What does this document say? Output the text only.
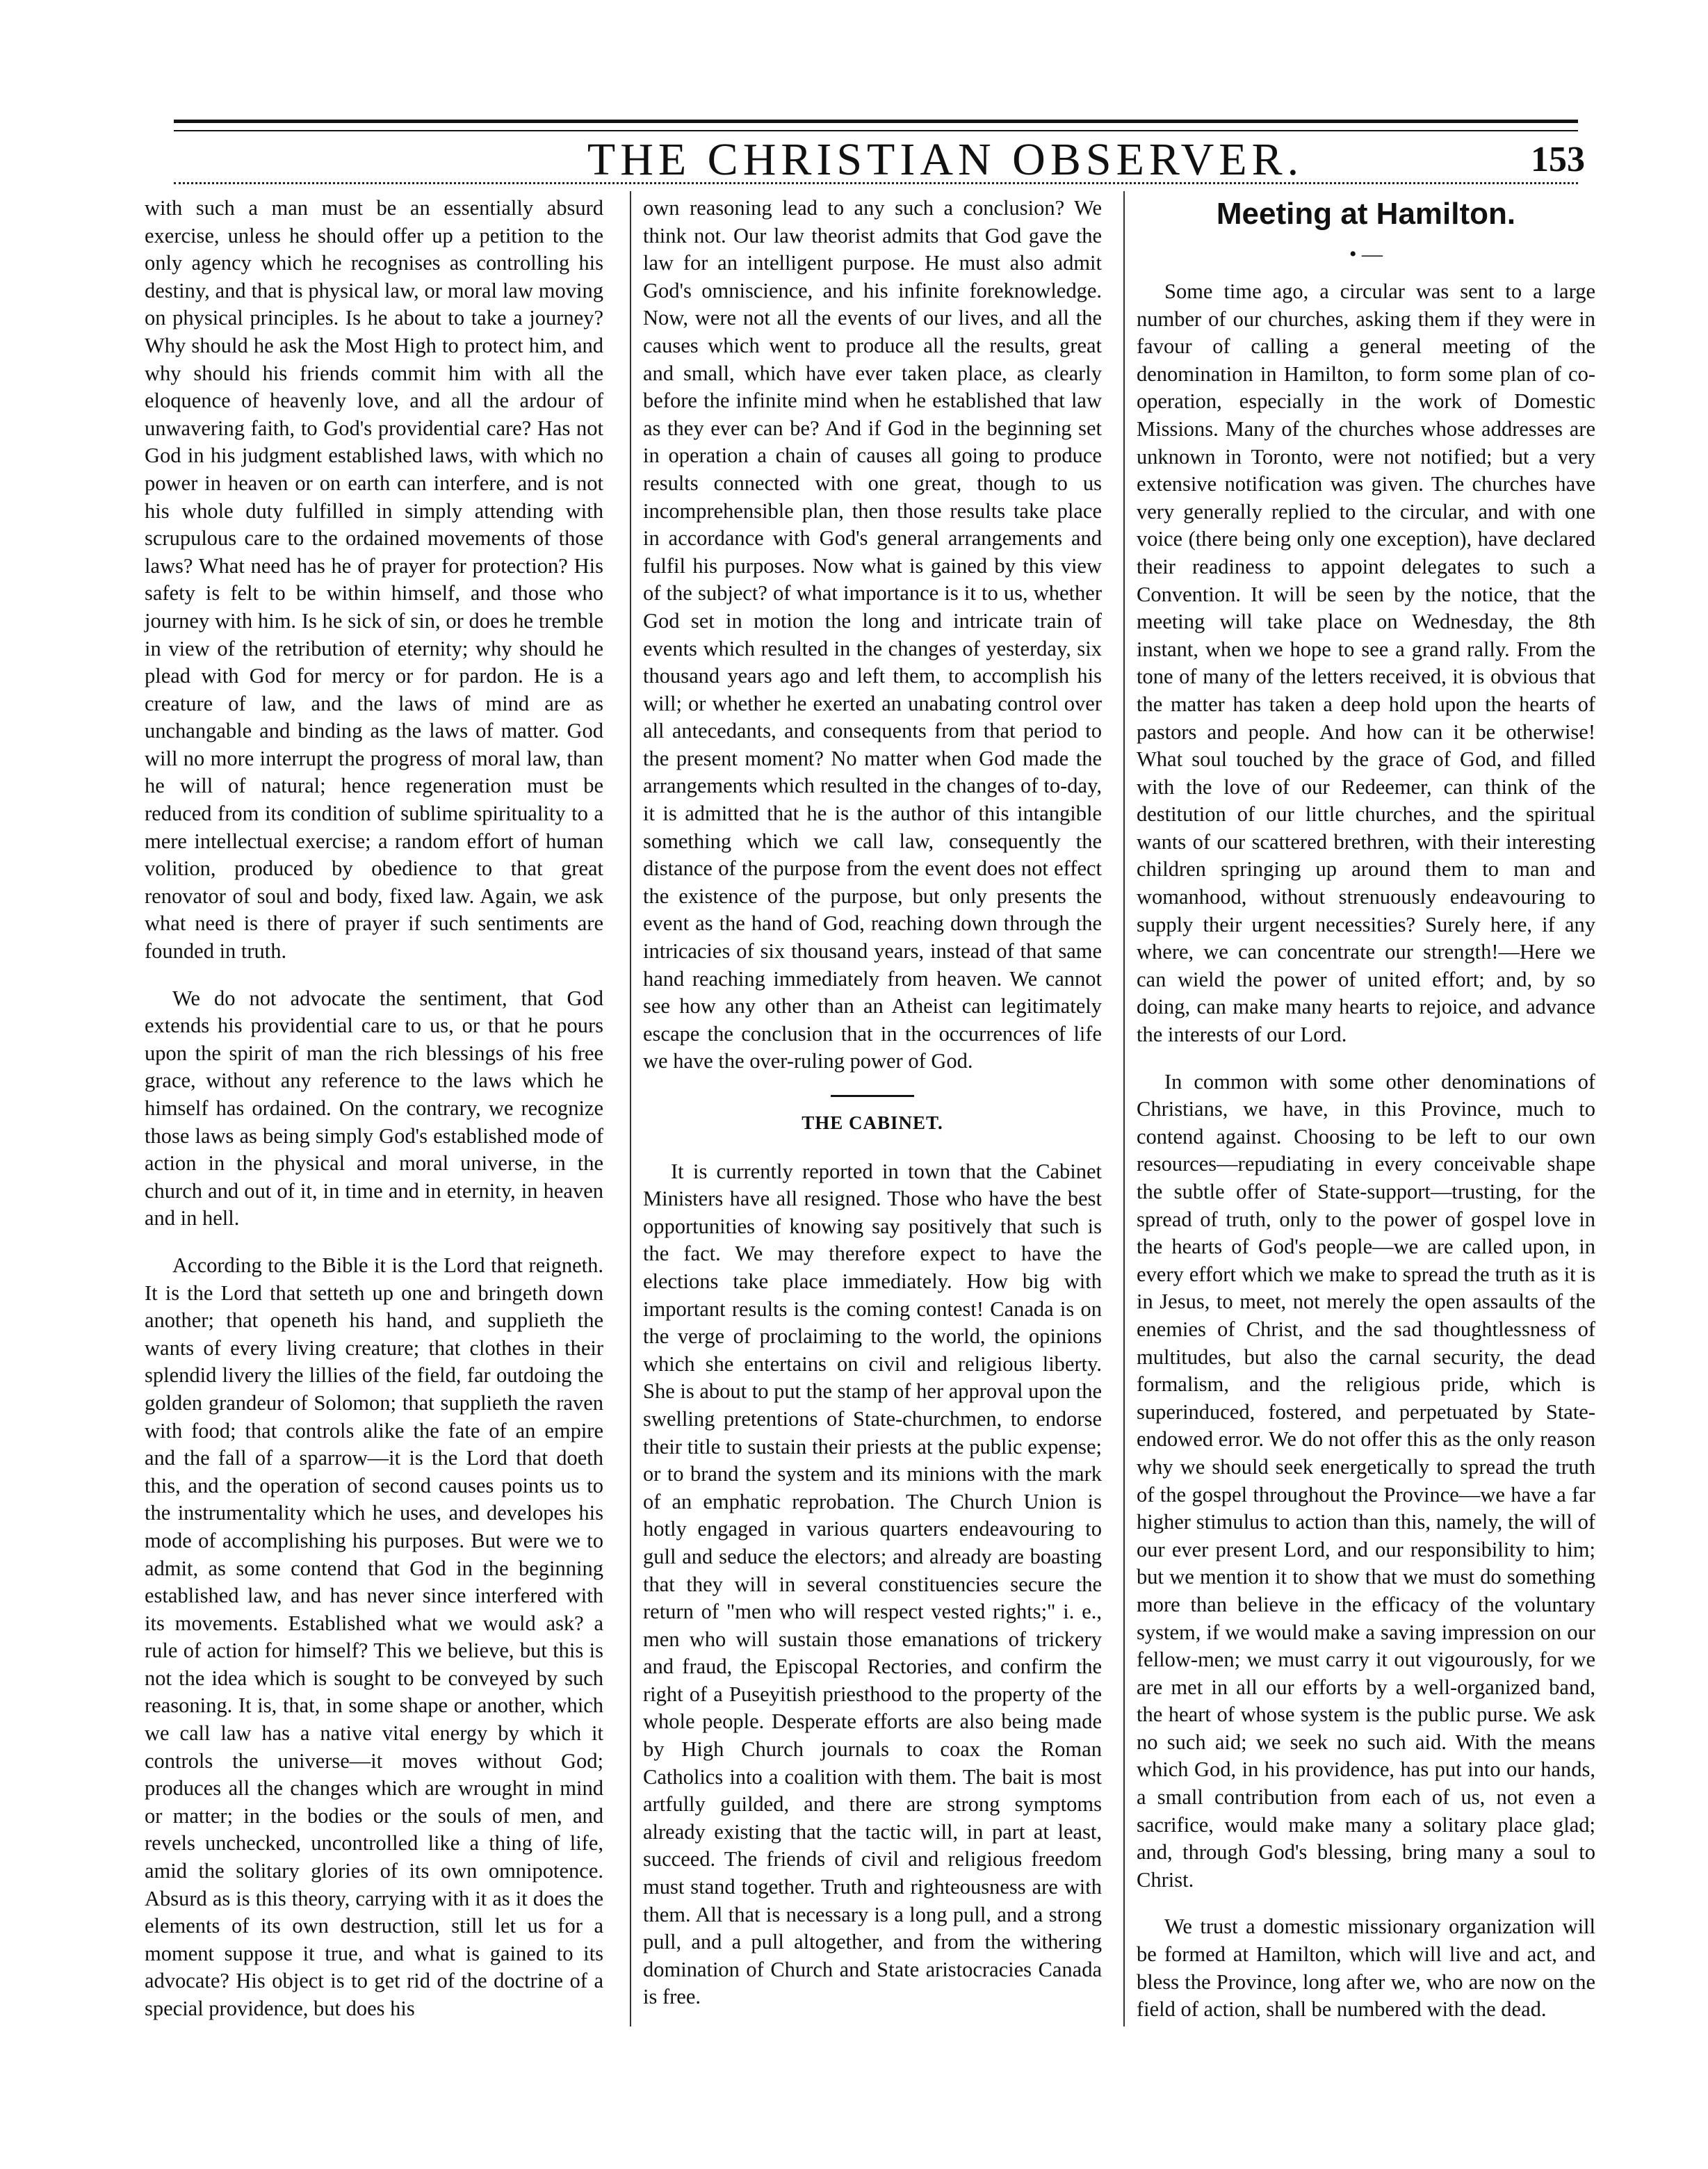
THE CHRISTIAN OBSERVER.	153

with such a man must be an essentially absurd exercise, unless he should offer up a petition to the only agency which he recognises as controlling his destiny, and that is physical law, or moral law moving on physical principles. Is he about to take a journey? Why should he ask the Most High to protect him, and why should his friends commit him with all the eloquence of heavenly love, and all the ardour of unwavering faith, to God's providential care? Has not God in his judgment established laws, with which no power in heaven or on earth can interfere, and is not his whole duty fulfilled in simply attending with scrupulous care to the ordained movements of those laws? What need has he of prayer for protection? His safety is felt to be within himself, and those who journey with him. Is he sick of sin, or does he tremble in view of the retribution of eternity; why should he plead with God for mercy or for pardon. He is a creature of law, and the laws of mind are as unchangable and binding as the laws of matter. God will no more interrupt the progress of moral law, than he will of natural; hence regeneration must be reduced from its condition of sublime spirituality to a mere intellectual exercise; a random effort of human volition, produced by obedience to that great renovator of soul and body, fixed law. Again, we ask what need is there of prayer if such sentiments are founded in truth.

We do not advocate the sentiment, that God extends his providential care to us, or that he pours upon the spirit of man the rich blessings of his free grace, without any reference to the laws which he himself has ordained. On the contrary, we recognize those laws as being simply God's established mode of action in the physical and moral universe, in the church and out of it, in time and in eternity, in heaven and in hell.

According to the Bible it is the Lord that reigneth. It is the Lord that setteth up one and bringeth down another; that openeth his hand, and supplieth the wants of every living creature; that clothes in their splendid livery the lillies of the field, far outdoing the golden grandeur of Solomon; that supplieth the raven with food; that controls alike the fate of an empire and the fall of a sparrow—it is the Lord that doeth this, and the operation of second causes points us to the instrumentality which he uses, and developes his mode of accomplishing his purposes. But were we to admit, as some contend that God in the beginning established law, and has never since interfered with its movements. Established what we would ask? a rule of action for himself? This we believe, but this is not the idea which is sought to be conveyed by such reasoning. It is, that, in some shape or another, which we call law has a native vital energy by which it controls the universe—it moves without God; produces all the changes which are wrought in mind or matter; in the bodies or the souls of men, and revels unchecked, uncontrolled like a thing of life, amid the solitary glories of its own omnipotence. Absurd as is this theory, carrying with it as it does the elements of its own destruction, still let us for a moment suppose it true, and what is gained to its advocate? His object is to get rid of the doctrine of a special providence, but does his

own reasoning lead to any such a conclusion? We think not. Our law theorist admits that God gave the law for an intelligent purpose. He must also admit God's omniscience, and his infinite foreknowledge. Now, were not all the events of our lives, and all the causes which went to produce all the results, great and small, which have ever taken place, as clearly before the infinite mind when he established that law as they ever can be? And if God in the beginning set in operation a chain of causes all going to produce results connected with one great, though to us incomprehensible plan, then those results take place in accordance with God's general arrangements and fulfil his purposes. Now what is gained by this view of the subject? of what importance is it to us, whether God set in motion the long and intricate train of events which resulted in the changes of yesterday, six thousand years ago and left them, to accomplish his will; or whether he exerted an unabating control over all antecedants, and consequents from that period to the present moment? No matter when God made the arrangements which resulted in the changes of to-day, it is admitted that he is the author of this intangible something which we call law, consequently the distance of the purpose from the event does not effect the existence of the purpose, but only presents the event as the hand of God, reaching down through the intricacies of six thousand years, instead of that same hand reaching immediately from heaven. We cannot see how any other than an Atheist can legitimately escape the conclusion that in the occurrences of life we have the over-ruling power of God.

THE CABINET.

It is currently reported in town that the Cabinet Ministers have all resigned. Those who have the best opportunities of knowing say positively that such is the fact. We may therefore expect to have the elections take place immediately. How big with important results is the coming contest! Canada is on the verge of proclaiming to the world, the opinions which she entertains on civil and religious liberty. She is about to put the stamp of her approval upon the swelling pretentions of State-churchmen, to endorse their title to sustain their priests at the public expense; or to brand the system and its minions with the mark of an emphatic reprobation. The Church Union is hotly engaged in various quarters endeavouring to gull and seduce the electors; and already are boasting that they will in several constituencies secure the return of "men who will respect vested rights;" i. e., men who will sustain those emanations of trickery and fraud, the Episcopal Rectories, and confirm the right of a Puseyitish priesthood to the property of the whole people. Desperate efforts are also being made by High Church journals to coax the Roman Catholics into a coalition with them. The bait is most artfully guilded, and there are strong symptoms already existing that the tactic will, in part at least, succeed. The friends of civil and religious freedom must stand together. Truth and righteousness are with them. All that is necessary is a long pull, and a strong pull, and a pull altogether, and from the withering domination of Church and State aristocracies Canada is free.

Meeting at Hamilton.
• —

Some time ago, a circular was sent to a large number of our churches, asking them if they were in favour of calling a general meeting of the denomination in Hamilton, to form some plan of co-operation, especially in the work of Domestic Missions. Many of the churches whose addresses are unknown in Toronto, were not notified; but a very extensive notification was given. The churches have very generally replied to the circular, and with one voice (there being only one exception), have declared their readiness to appoint delegates to such a Convention. It will be seen by the notice, that the meeting will take place on Wednesday, the 8th instant, when we hope to see a grand rally. From the tone of many of the letters received, it is obvious that the matter has taken a deep hold upon the hearts of pastors and people. And how can it be otherwise! What soul touched by the grace of God, and filled with the love of our Redeemer, can think of the destitution of our little churches, and the spiritual wants of our scattered brethren, with their interesting children springing up around them to man and womanhood, without strenuously endeavouring to supply their urgent necessities? Surely here, if any where, we can concentrate our strength!—Here we can wield the power of united effort; and, by so doing, can make many hearts to rejoice, and advance the interests of our Lord.

In common with some other denominations of Christians, we have, in this Province, much to contend against. Choosing to be left to our own resources—repudiating in every conceivable shape the subtle offer of State-support—trusting, for the spread of truth, only to the power of gospel love in the hearts of God's people—we are called upon, in every effort which we make to spread the truth as it is in Jesus, to meet, not merely the open assaults of the enemies of Christ, and the sad thoughtlessness of multitudes, but also the carnal security, the dead formalism, and the religious pride, which is superinduced, fostered, and perpetuated by State-endowed error. We do not offer this as the only reason why we should seek energetically to spread the truth of the gospel throughout the Province—we have a far higher stimulus to action than this, namely, the will of our ever present Lord, and our responsibility to him; but we mention it to show that we must do something more than believe in the efficacy of the voluntary system, if we would make a saving impression on our fellow-men; we must carry it out vigourously, for we are met in all our efforts by a well-organized band, the heart of whose system is the public purse. We ask no such aid; we seek no such aid. With the means which God, in his providence, has put into our hands, a small contribution from each of us, not even a sacrifice, would make many a solitary place glad; and, through God's blessing, bring many a soul to Christ.

We trust a domestic missionary organization will be formed at Hamilton, which will live and act, and bless the Province, long after we, who are now on the field of action, shall be numbered with the dead.
